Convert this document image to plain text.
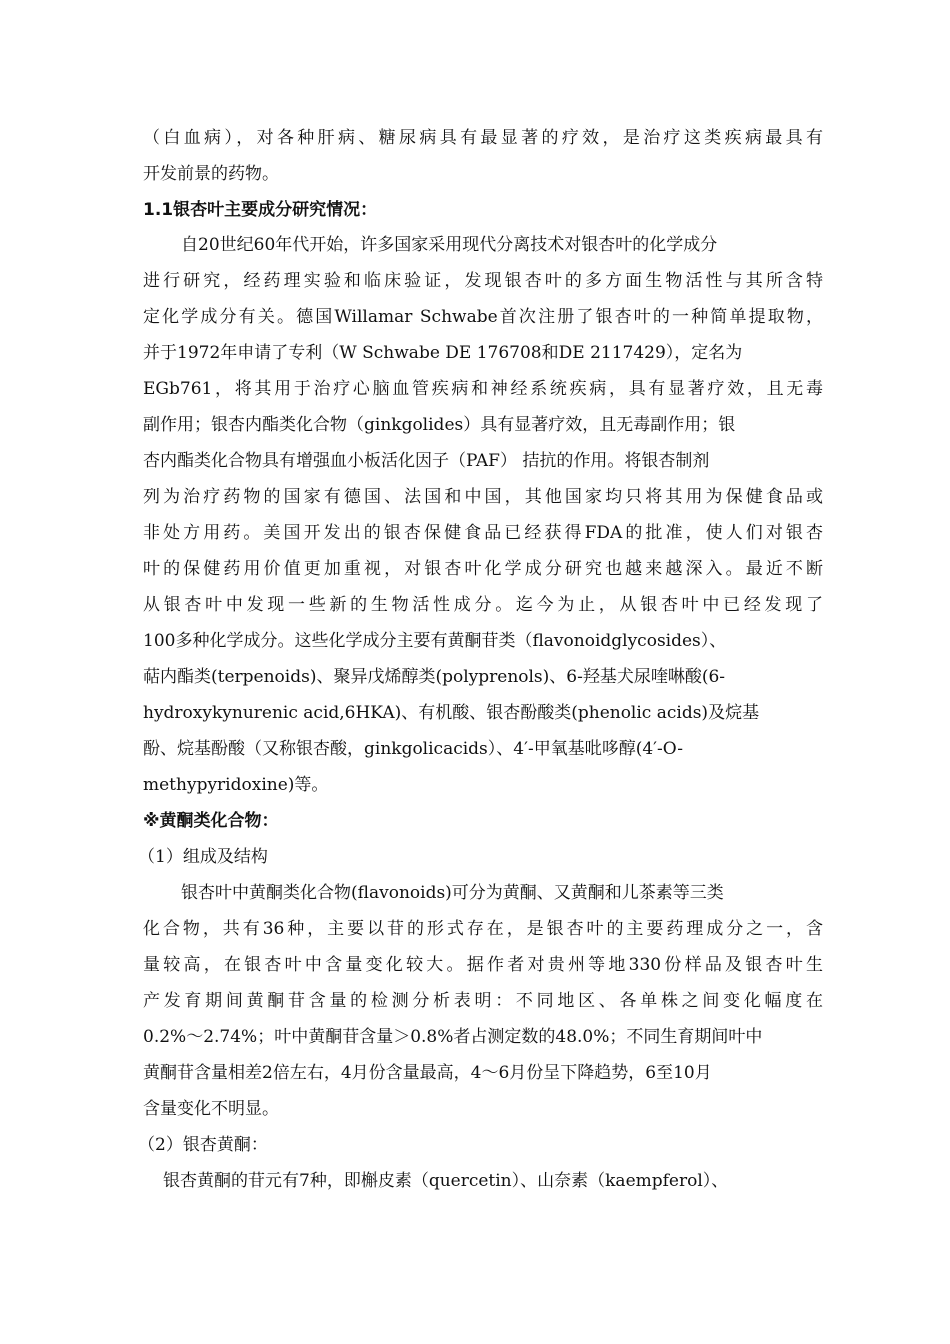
（白血病），对各种肝病、糖尿病具有最显著的疗效，是治疗这类疾病最具有
开发前景的药物。
1.1银杏叶主要成分研究情况：
自20世纪60年代开始，许多国家采用现代分离技术对银杏叶的化学成分
进行研究，经药理实验和临床验证，发现银杏叶的多方面生物活性与其所含特
定化学成分有关。德国Willamar Schwabe首次注册了银杏叶的一种简单提取物，
并于1972年申请了专利（W Schwabe DE 176708和DE 2117429），定名为
EGb761，将其用于治疗心脑血管疾病和神经系统疾病，具有显著疗效，且无毒
副作用；银杏内酯类化合物（ginkgolides）具有显著疗效，且无毒副作用；银
杏内酯类化合物具有增强血小板活化因子（PAF） 拮抗的作用。将银杏制剂
列为治疗药物的国家有德国、法国和中国，其他国家均只将其用为保健食品或
非处方用药。美国开发出的银杏保健食品已经获得FDA的批准，使人们对银杏
叶的保健药用价值更加重视，对银杏叶化学成分研究也越来越深入。最近不断
从银杏叶中发现一些新的生物活性成分。迄今为止，从银杏叶中已经发现了
100多种化学成分。这些化学成分主要有黄酮苷类（flavonoidglycosides）、
萜内酯类(terpenoids)、聚异戊烯醇类(polyprenols)、6-羟基犬尿喹啉酸(6-
hydroxykynurenic acid,6HKA)、有机酸、银杏酚酸类(phenolic acids)及烷基
酚、烷基酚酸（又称银杏酸，ginkgolicacids）、4′-甲氧基吡哆醇(4′-O-
methypyridoxine)等。
※黄酮类化合物：
（1）组成及结构
银杏叶中黄酮类化合物(flavonoids)可分为黄酮、又黄酮和儿茶素等三类
化合物，共有36种，主要以苷的形式存在，是银杏叶的主要药理成分之一，含
量较高，在银杏叶中含量变化较大。据作者对贵州等地330份样品及银杏叶生
产发育期间黄酮苷含量的检测分析表明：不同地区、各单株之间变化幅度在
0.2%～2.74%；叶中黄酮苷含量＞0.8%者占测定数的48.0%；不同生育期间叶中
黄酮苷含量相差2倍左右，4月份含量最高，4～6月份呈下降趋势，6至10月
含量变化不明显。
（2）银杏黄酮：
银杏黄酮的苷元有7种，即槲皮素（quercetin）、山奈素（kaempferol）、
